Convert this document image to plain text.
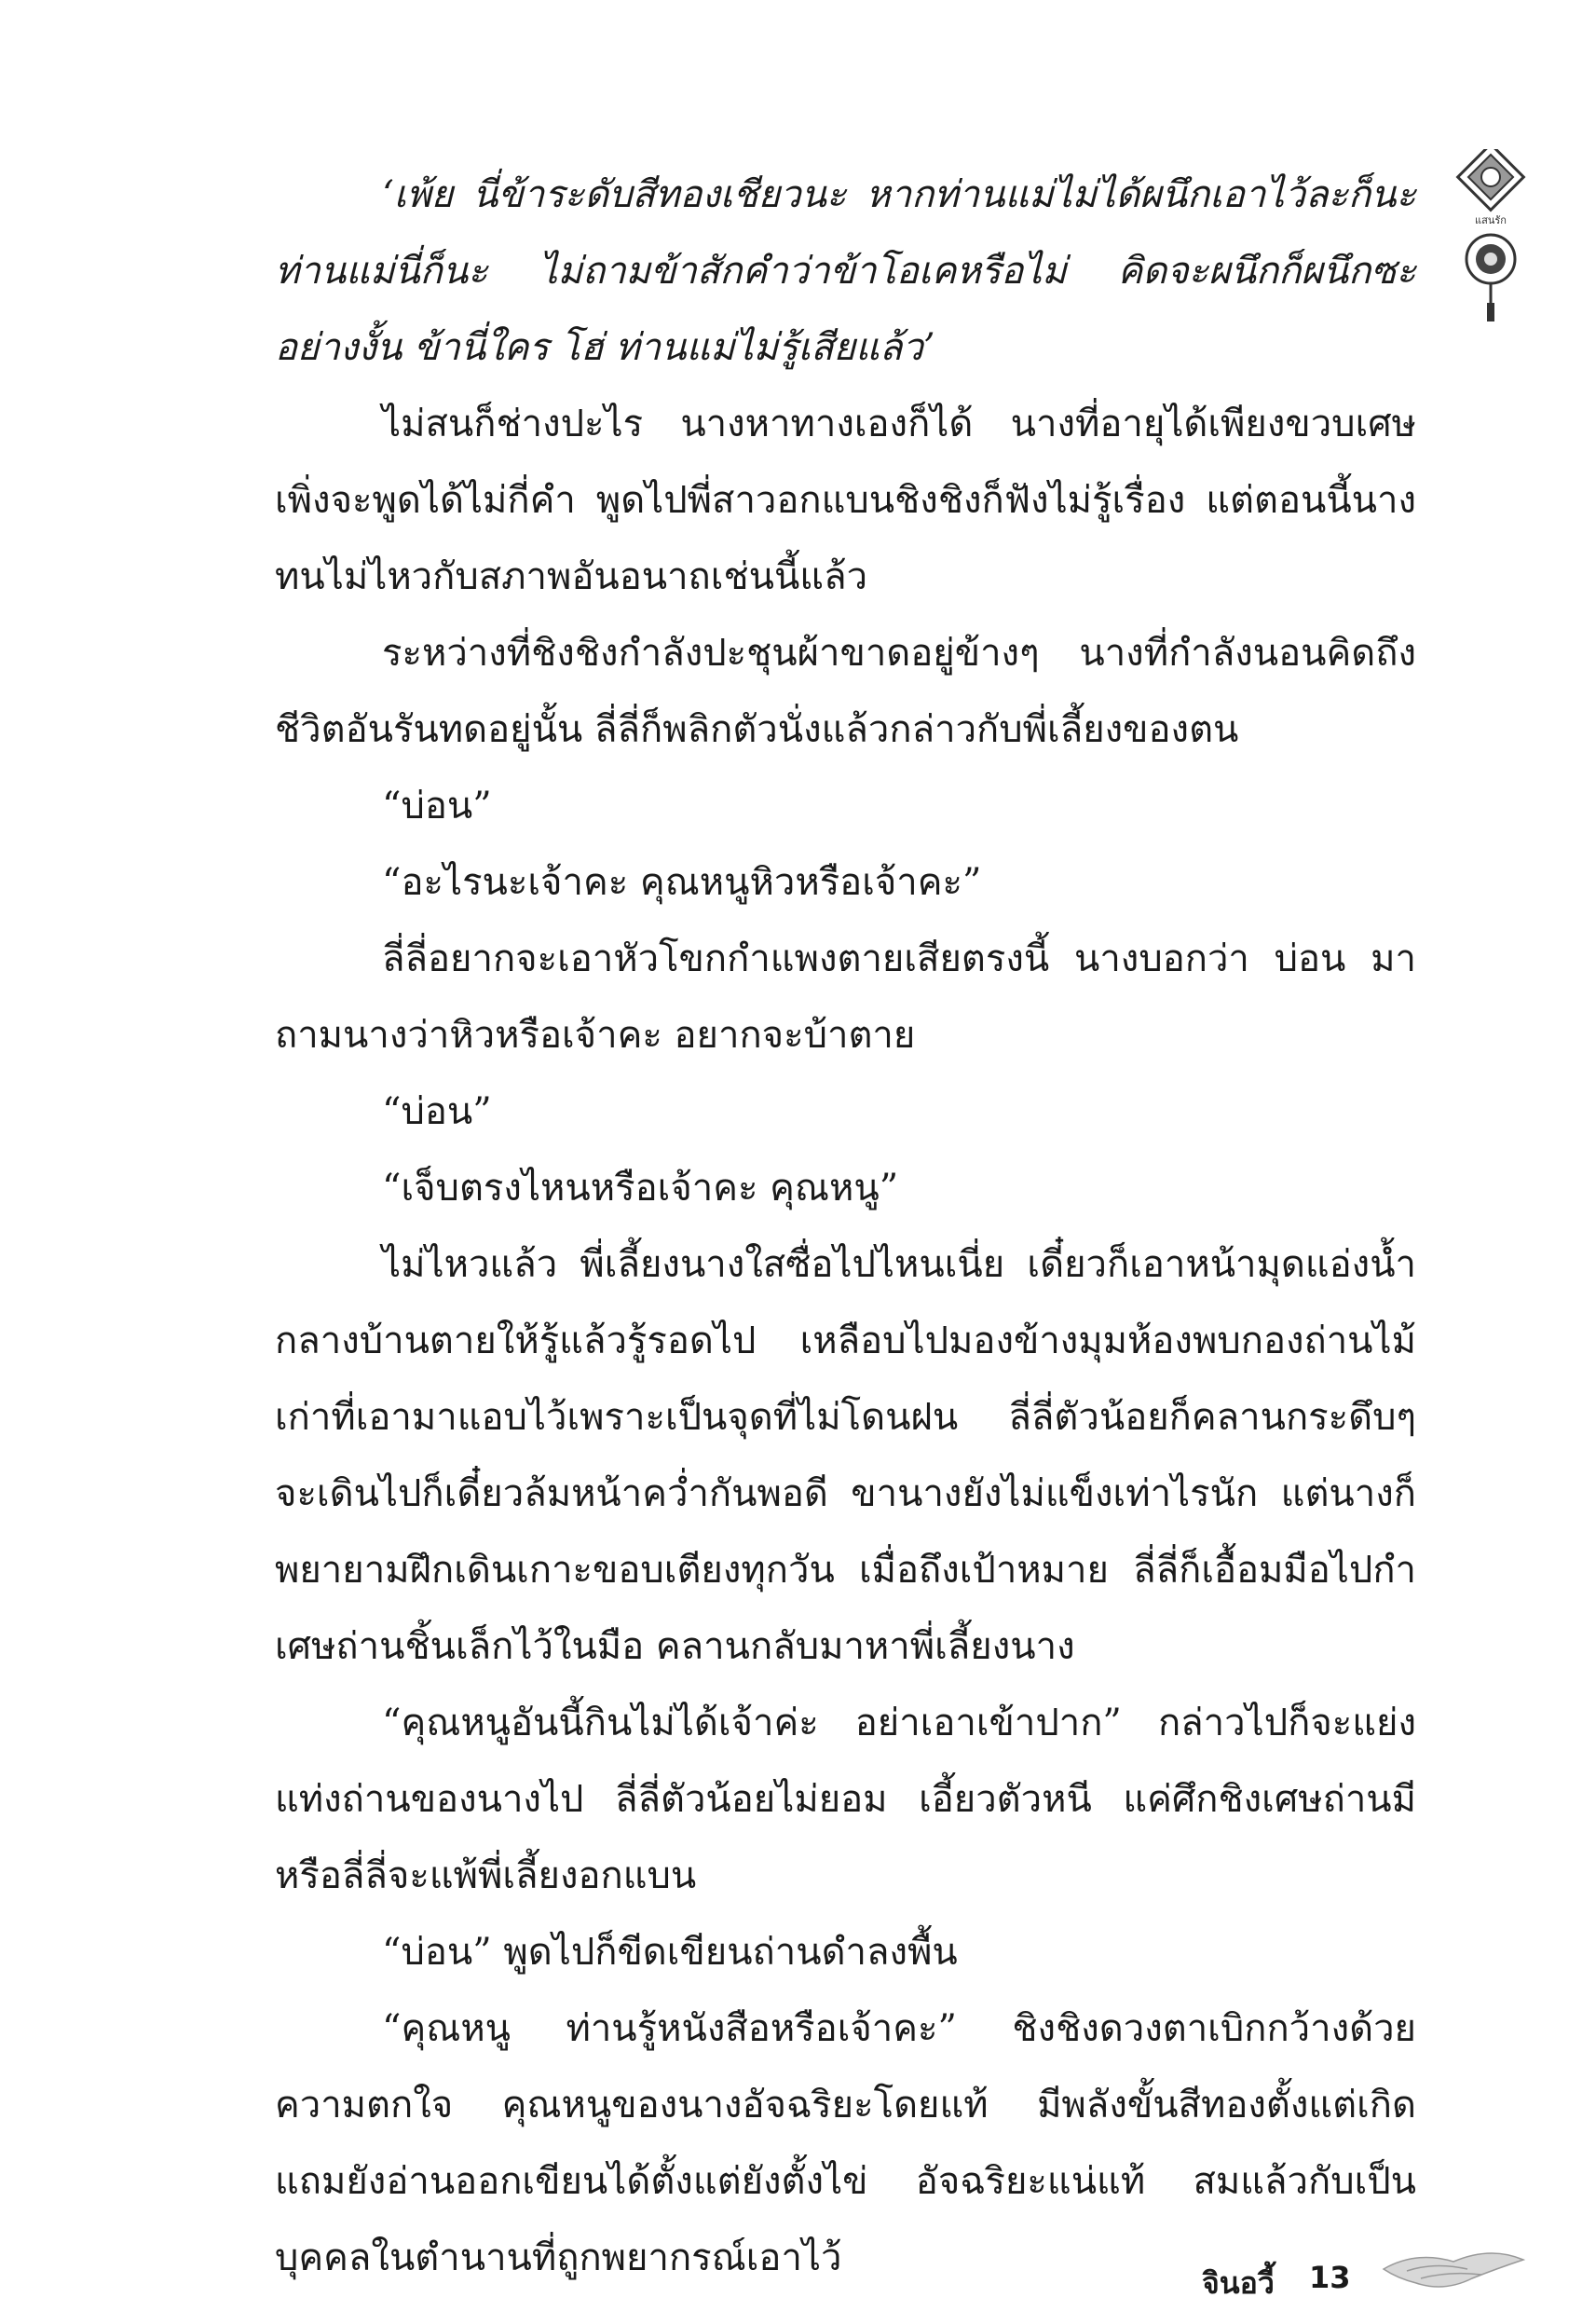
‘เพ้ย นี่ข้าระดับสีทองเชียวนะ หากท่านแม่ไม่ได้ผนึกเอาไว้ละก็นะ ท่านแม่นี่ก็นะ ไม่ถามข้าสักคำว่าข้าโอเคหรือไม่ คิดจะผนึกก็ผนึกซะอย่างงั้น ข้านี่ใคร โฮ่ ท่านแม่ไม่รู้เสียแล้ว’

ไม่สนก็ช่างปะไร นางหาทางเองก็ได้ นางที่อายุได้เพียงขวบเศษเพิ่งจะพูดได้ไม่กี่คำ พูดไปพี่สาวอกแบนชิงชิงก็ฟังไม่รู้เรื่อง แต่ตอนนี้นางทนไม่ไหวกับสภาพอันอนาถเช่นนี้แล้ว

ระหว่างที่ชิงชิงกำลังปะชุนผ้าขาดอยู่ข้างๆ นางที่กำลังนอนคิดถึงชีวิตอันรันทดอยู่นั้น ลี่ลี่ก็พลิกตัวนั่งแล้วกล่าวกับพี่เลี้ยงของตน

“บ่อน”

“อะไรนะเจ้าคะ คุณหนูหิวหรือเจ้าคะ”

ลี่ลี่อยากจะเอาหัวโขกกำแพงตายเสียตรงนี้ นางบอกว่า บ่อน มาถามนางว่าหิวหรือเจ้าคะ อยากจะบ้าตาย

“บ่อน”

“เจ็บตรงไหนหรือเจ้าคะ คุณหนู”

ไม่ไหวแล้ว พี่เลี้ยงนางใสซื่อไปไหนเนี่ย เดี๋ยวก็เอาหน้ามุดแอ่งน้ำกลางบ้านตายให้รู้แล้วรู้รอดไป เหลือบไปมองข้างมุมห้องพบกองถ่านไม้เก่าที่เอามาแอบไว้เพราะเป็นจุดที่ไม่โดนฝน ลี่ลี่ตัวน้อยก็คลานกระดึบๆ จะเดินไปก็เดี๋ยวล้มหน้าคว่ำกันพอดี ขานางยังไม่แข็งเท่าไรนัก แต่นางก็พยายามฝึกเดินเกาะขอบเตียงทุกวัน เมื่อถึงเป้าหมาย ลี่ลี่ก็เอื้อมมือไปกำเศษถ่านชิ้นเล็กไว้ในมือ คลานกลับมาหาพี่เลี้ยงนาง

“คุณหนูอันนี้กินไม่ได้เจ้าค่ะ อย่าเอาเข้าปาก” กล่าวไปก็จะแย่งแท่งถ่านของนางไป ลี่ลี่ตัวน้อยไม่ยอม เอี้ยวตัวหนี แค่ศึกชิงเศษถ่านมีหรือลี่ลี่จะแพ้พี่เลี้ยงอกแบน

“บ่อน” พูดไปก็ขีดเขียนถ่านดำลงพื้น

“คุณหนู ท่านรู้หนังสือหรือเจ้าคะ” ชิงชิงดวงตาเบิกกว้างด้วยความตกใจ คุณหนูของนางอัจฉริยะโดยแท้ มีพลังขั้นสีทองตั้งแต่เกิด แถมยังอ่านออกเขียนได้ตั้งแต่ยังตั้งไข่ อัจฉริยะแน่แท้ สมแล้วกับเป็นบุคคลในตำนานที่ถูกพยากรณ์เอาไว้

แสนรัก
จินอวี้ 13
